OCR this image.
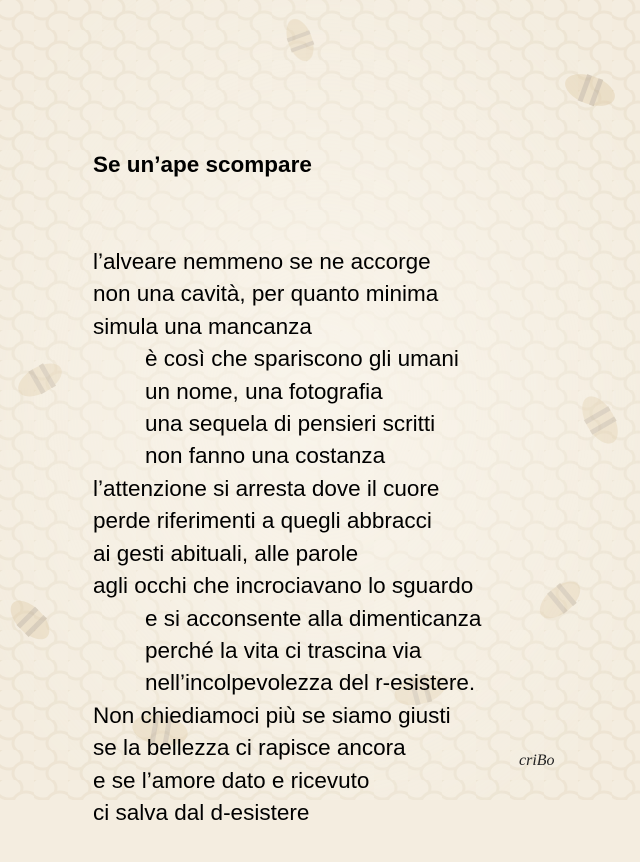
Se un’ape scompare

l’alveare nemmeno se ne accorge
non una cavità, per quanto minima
simula una mancanza
è così che spariscono gli umani
un nome, una fotografia
una sequela di pensieri scritti
non fanno una costanza
l’attenzione si arresta dove il cuore
perde riferimenti a quegli abbracci
ai gesti abituali, alle parole
agli occhi che incrociavano lo sguardo
e si acconsente alla dimenticanza
perché la vita ci trascina via
nell’incolpevolezza del r-esistere.
Non chiediamoci più se siamo giusti
se la bellezza ci rapisce ancora
e se l’amore dato e ricevuto
ci salva dal d-esistere

criBo
